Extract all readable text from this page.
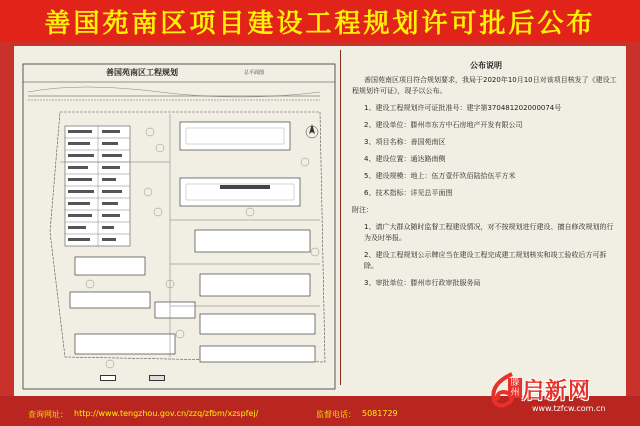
善国苑南区项目建设工程规划许可批后公布
善国苑南区工程规划	总平面图
公布说明

善国苑南区项目符合规划要求，我局于2020年10月10日对该项目核发了《建设工程规划许可证》，现予以公布。

1、建设工程规划许可证批准号：建字第370481202000074号

2、建设单位：滕州市东方中石房地产开发有限公司

3、项目名称：善国苑南区

4、建设位置：通达路南侧

5、建设规模：地上：伍万壹仟玖佰陆拾伍平方米

6、技术指标：详见总平面图

附注：

1、请广大群众随时监督工程建设情况，对不按规划进行建设、擅自修改规划的行为及时举报。

2、建设工程规划公示牌应当在建设工程完成建工规划核实和竣工验收后方可拆除。

3、审批单位：滕州市行政审批服务局

查询网址： http://www.tengzhou.gov.cn/zzq/zfbm/xzspfej/	监督电话： 5081729
滕州 启新网
www.tzfcw.com.cn
